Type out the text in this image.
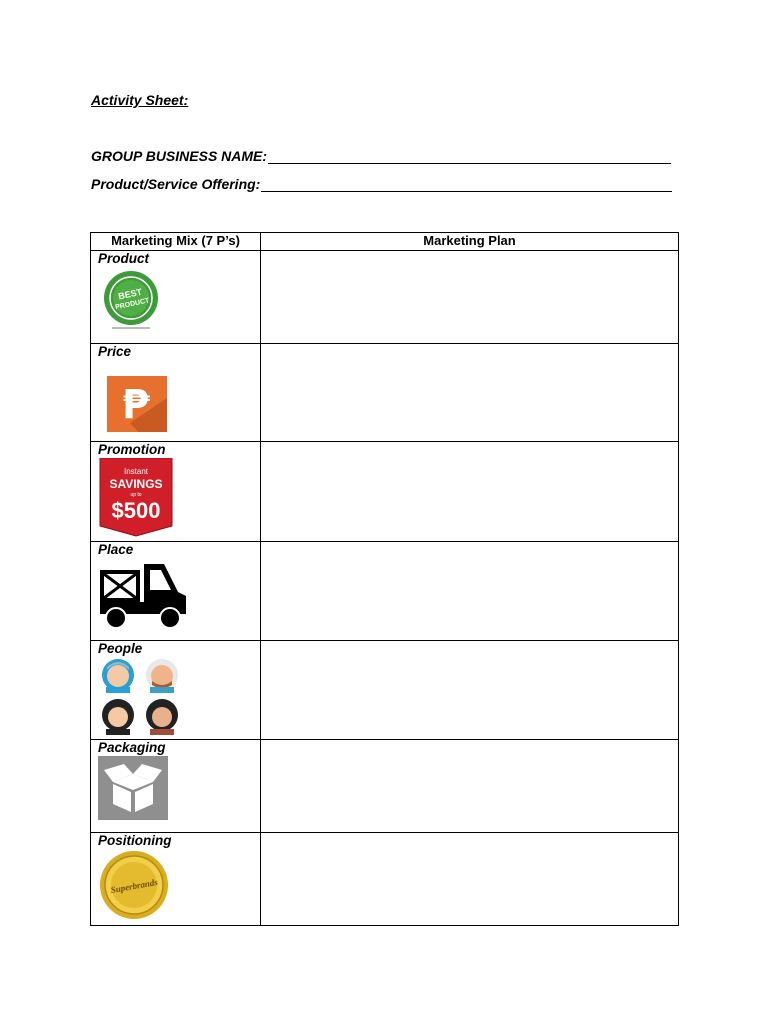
Activity Sheet:
GROUP BUSINESS NAME:
Product/Service Offering:
Marketing Mix (7 P’s)	Marketing Plan

Product
BEST
PRODUCT	

Price
₱	

Promotion
Instant
SAVINGS
up to
$500	

Place	

People	

Packaging	

Positioning
Superbrands	
